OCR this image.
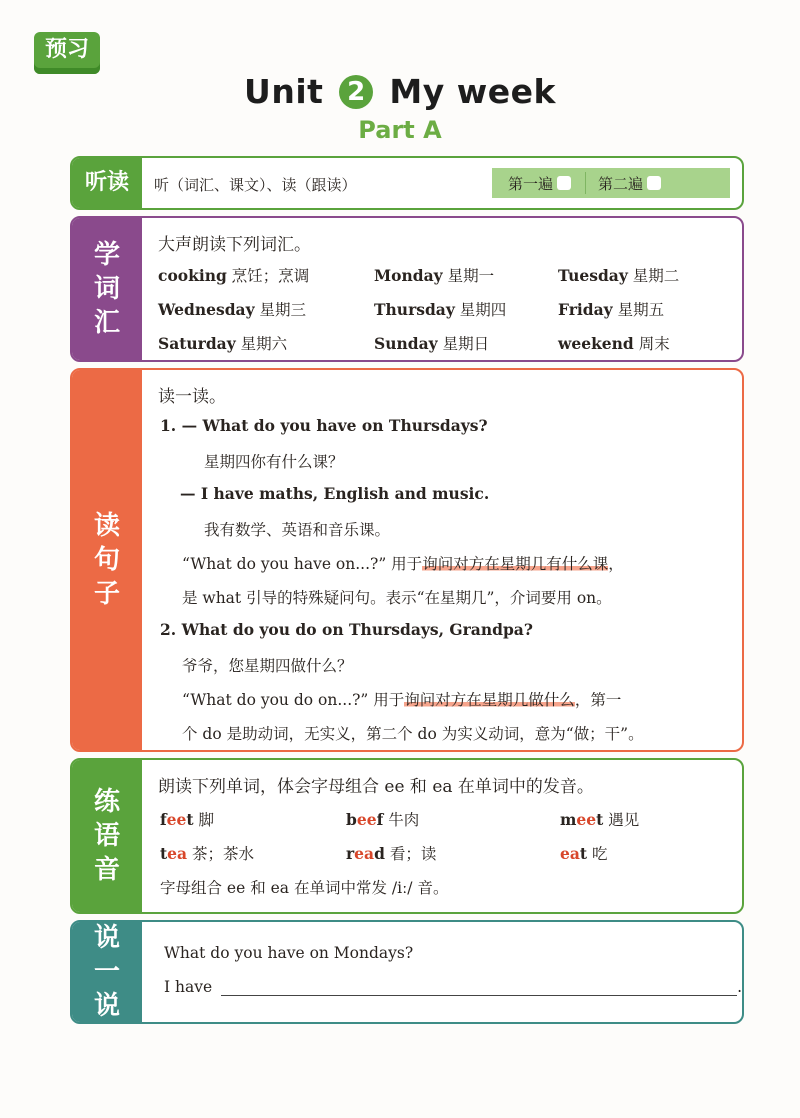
预习
Unit 2 My week
Part A
听读	听（词汇、课文）、读（跟读）	第一遍	第二遍
学
词
汇
大声朗读下列词汇。
cooking 烹饪；烹调	Monday 星期一	Tuesday 星期二
Wednesday 星期三	Thursday 星期四	Friday 星期五
Saturday 星期六	Sunday 星期日	weekend 周末
读
句
子
读一读。
1. — What do you have on Thursdays?
星期四你有什么课？
— I have maths, English and music.
我有数学、英语和音乐课。
“What do you have on...?” 用于询问对方在星期几有什么课，
是 what 引导的特殊疑问句。表示“在星期几”，介词要用 on。
2. What do you do on Thursdays, Grandpa?
爷爷，您星期四做什么？
“What do you do on...?” 用于询问对方在星期几做什么，第一
个 do 是助动词，无实义，第二个 do 为实义动词，意为“做；干”。
练
语
音
朗读下列单词，体会字母组合 ee 和 ea 在单词中的发音。
feet 脚	beef 牛肉	meet 遇见
tea 茶；茶水	read 看；读	eat 吃
字母组合 ee 和 ea 在单词中常发 /iː/ 音。
说
一
说
What do you have on Mondays?
I have	.
